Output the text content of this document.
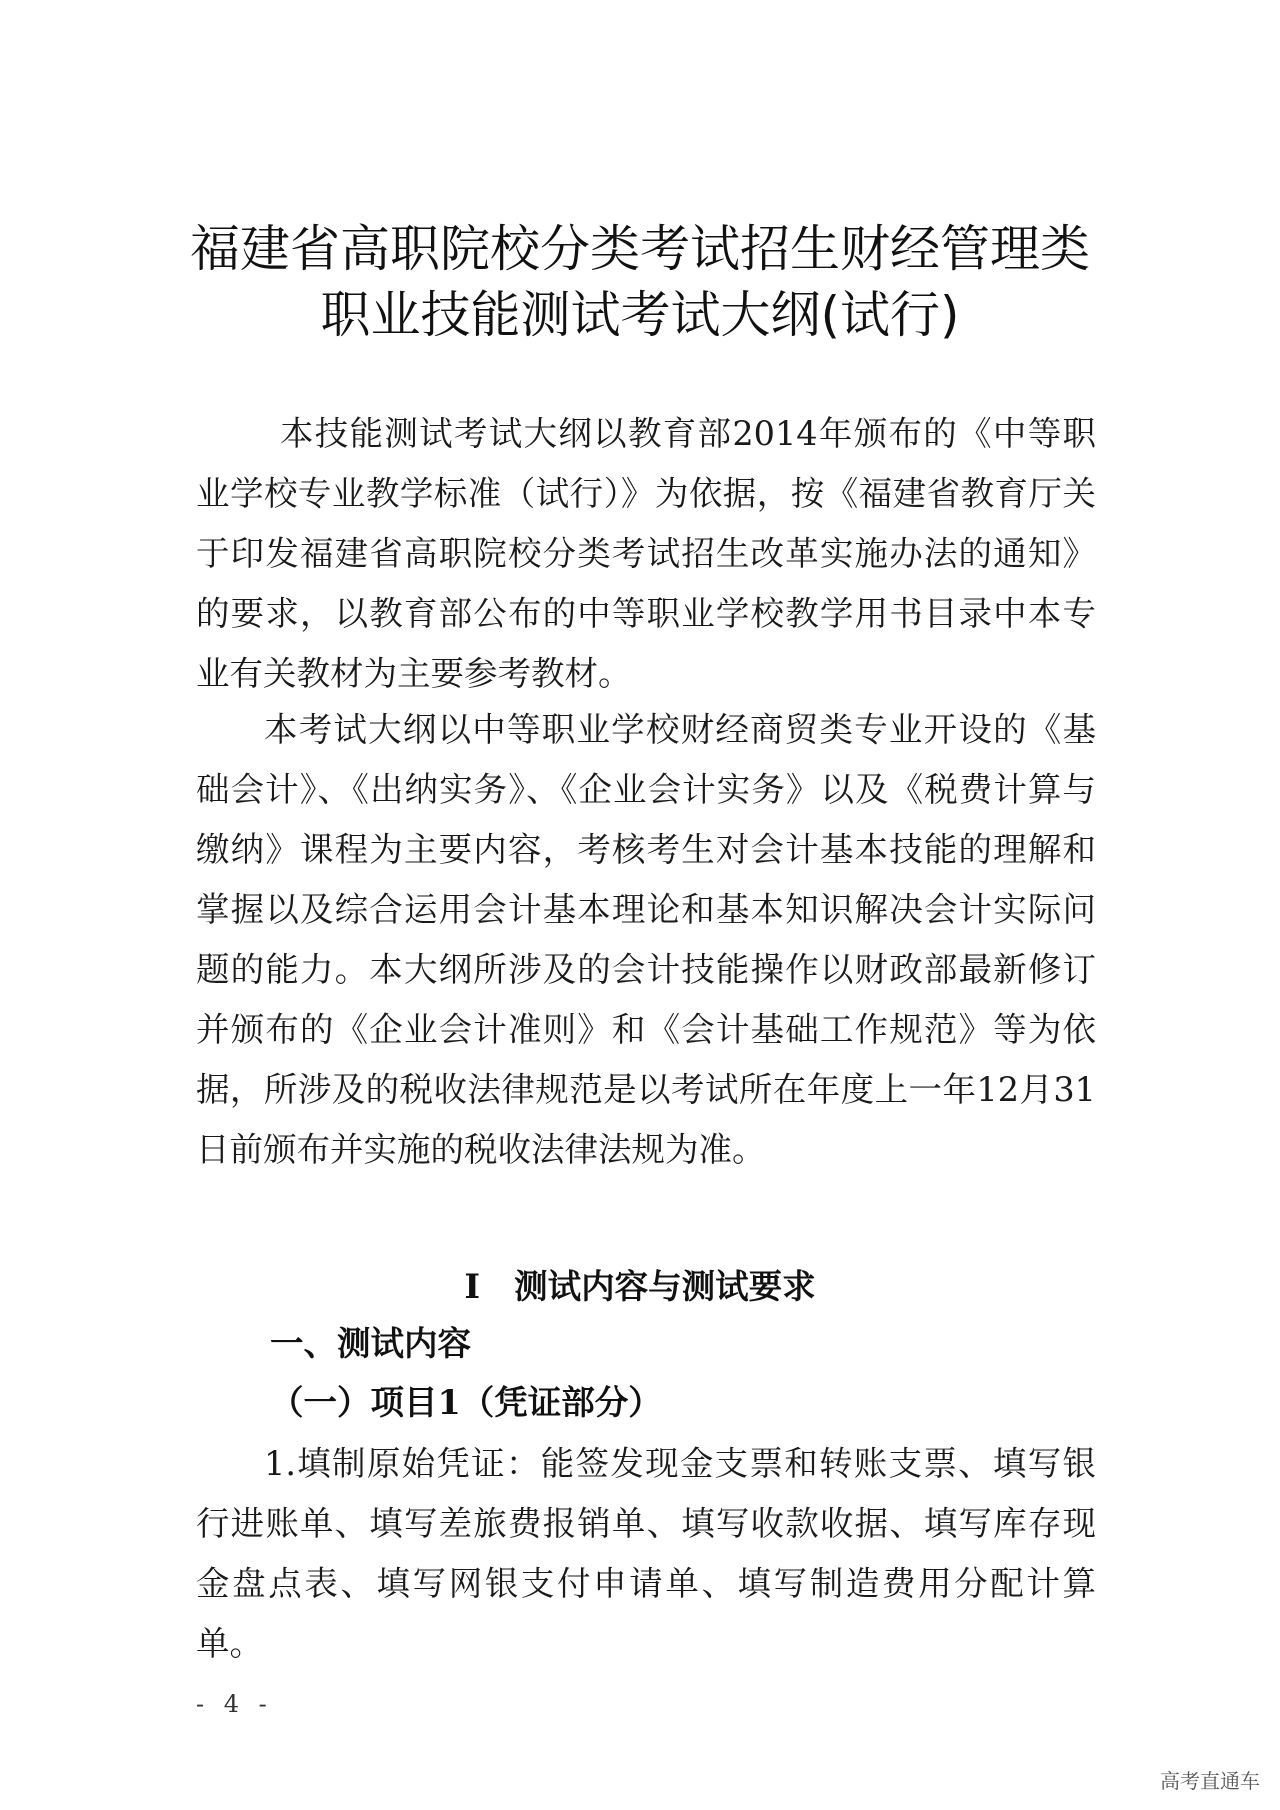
福建省高职院校分类考试招生财经管理类
职业技能测试考试大纲(试行)
本技能测试考试大纲以教育部2014年颁布的《中等职业学校专业教学标准（试行）》为依据，按《福建省教育厅关于印发福建省高职院校分类考试招生改革实施办法的通知》的要求，以教育部公布的中等职业学校教学用书目录中本专业有关教材为主要参考教材。
本考试大纲以中等职业学校财经商贸类专业开设的《基础会计》、《出纳实务》、《企业会计实务》以及《税费计算与缴纳》课程为主要内容，考核考生对会计基本技能的理解和掌握以及综合运用会计基本理论和基本知识解决会计实际问题的能力。本大纲所涉及的会计技能操作以财政部最新修订并颁布的《企业会计准则》和《会计基础工作规范》等为依据，所涉及的税收法律规范是以考试所在年度上一年12月31日前颁布并实施的税收法律法规为准。
I 测试内容与测试要求
一、测试内容
（一）项目1（凭证部分）
1.填制原始凭证：能签发现金支票和转账支票、填写银行进账单、填写差旅费报销单、填写收款收据、填写库存现金盘点表、填写网银支付申请单、填写制造费用分配计算单。
- 4 -
高考直通车
